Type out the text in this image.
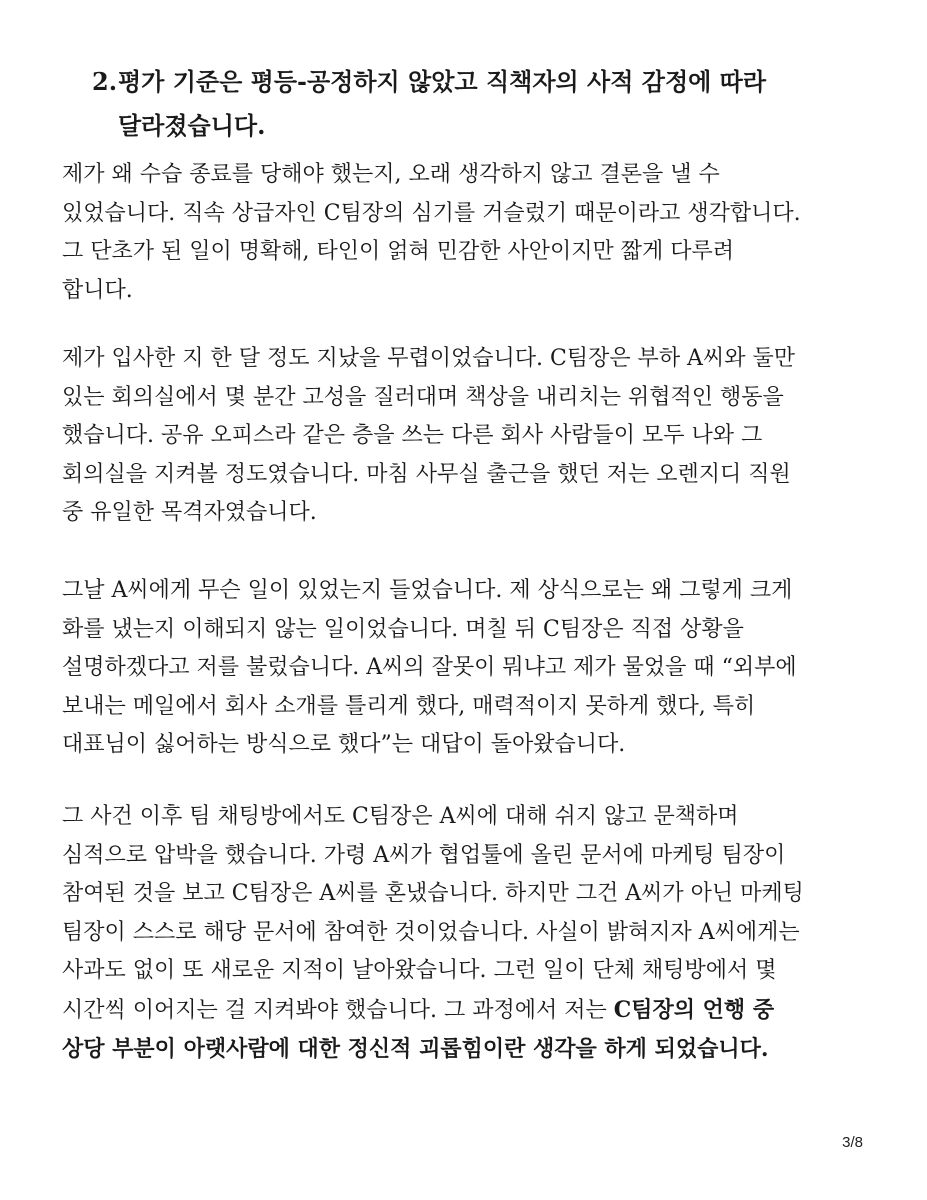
2.평가 기준은 평등-공정하지 않았고 직책자의 사적 감정에 따라
달라졌습니다.

제가 왜 수습 종료를 당해야 했는지, 오래 생각하지 않고 결론을 낼 수
있었습니다. 직속 상급자인 C팀장의 심기를 거슬렀기 때문이라고 생각합니다.
그 단초가 된 일이 명확해, 타인이 얽혀 민감한 사안이지만 짧게 다루려
합니다.

제가 입사한 지 한 달 정도 지났을 무렵이었습니다. C팀장은 부하 A씨와 둘만
있는 회의실에서 몇 분간 고성을 질러대며 책상을 내리치는 위협적인 행동을
했습니다. 공유 오피스라 같은 층을 쓰는 다른 회사 사람들이 모두 나와 그
회의실을 지켜볼 정도였습니다. 마침 사무실 출근을 했던 저는 오렌지디 직원
중 유일한 목격자였습니다.

그날 A씨에게 무슨 일이 있었는지 들었습니다. 제 상식으로는 왜 그렇게 크게
화를 냈는지 이해되지 않는 일이었습니다. 며칠 뒤 C팀장은 직접 상황을
설명하겠다고 저를 불렀습니다. A씨의 잘못이 뭐냐고 제가 물었을 때 “외부에
보내는 메일에서 회사 소개를 틀리게 했다, 매력적이지 못하게 했다, 특히
대표님이 싫어하는 방식으로 했다”는 대답이 돌아왔습니다.

그 사건 이후 팀 채팅방에서도 C팀장은 A씨에 대해 쉬지 않고 문책하며
심적으로 압박을 했습니다. 가령 A씨가 협업툴에 올린 문서에 마케팅 팀장이
참여된 것을 보고 C팀장은 A씨를 혼냈습니다. 하지만 그건 A씨가 아닌 마케팅
팀장이 스스로 해당 문서에 참여한 것이었습니다. 사실이 밝혀지자 A씨에게는
사과도 없이 또 새로운 지적이 날아왔습니다. 그런 일이 단체 채팅방에서 몇
시간씩 이어지는 걸 지켜봐야 했습니다. 그 과정에서 저는 C팀장의 언행 중
상당 부분이 아랫사람에 대한 정신적 괴롭힘이란 생각을 하게 되었습니다.

3/8
